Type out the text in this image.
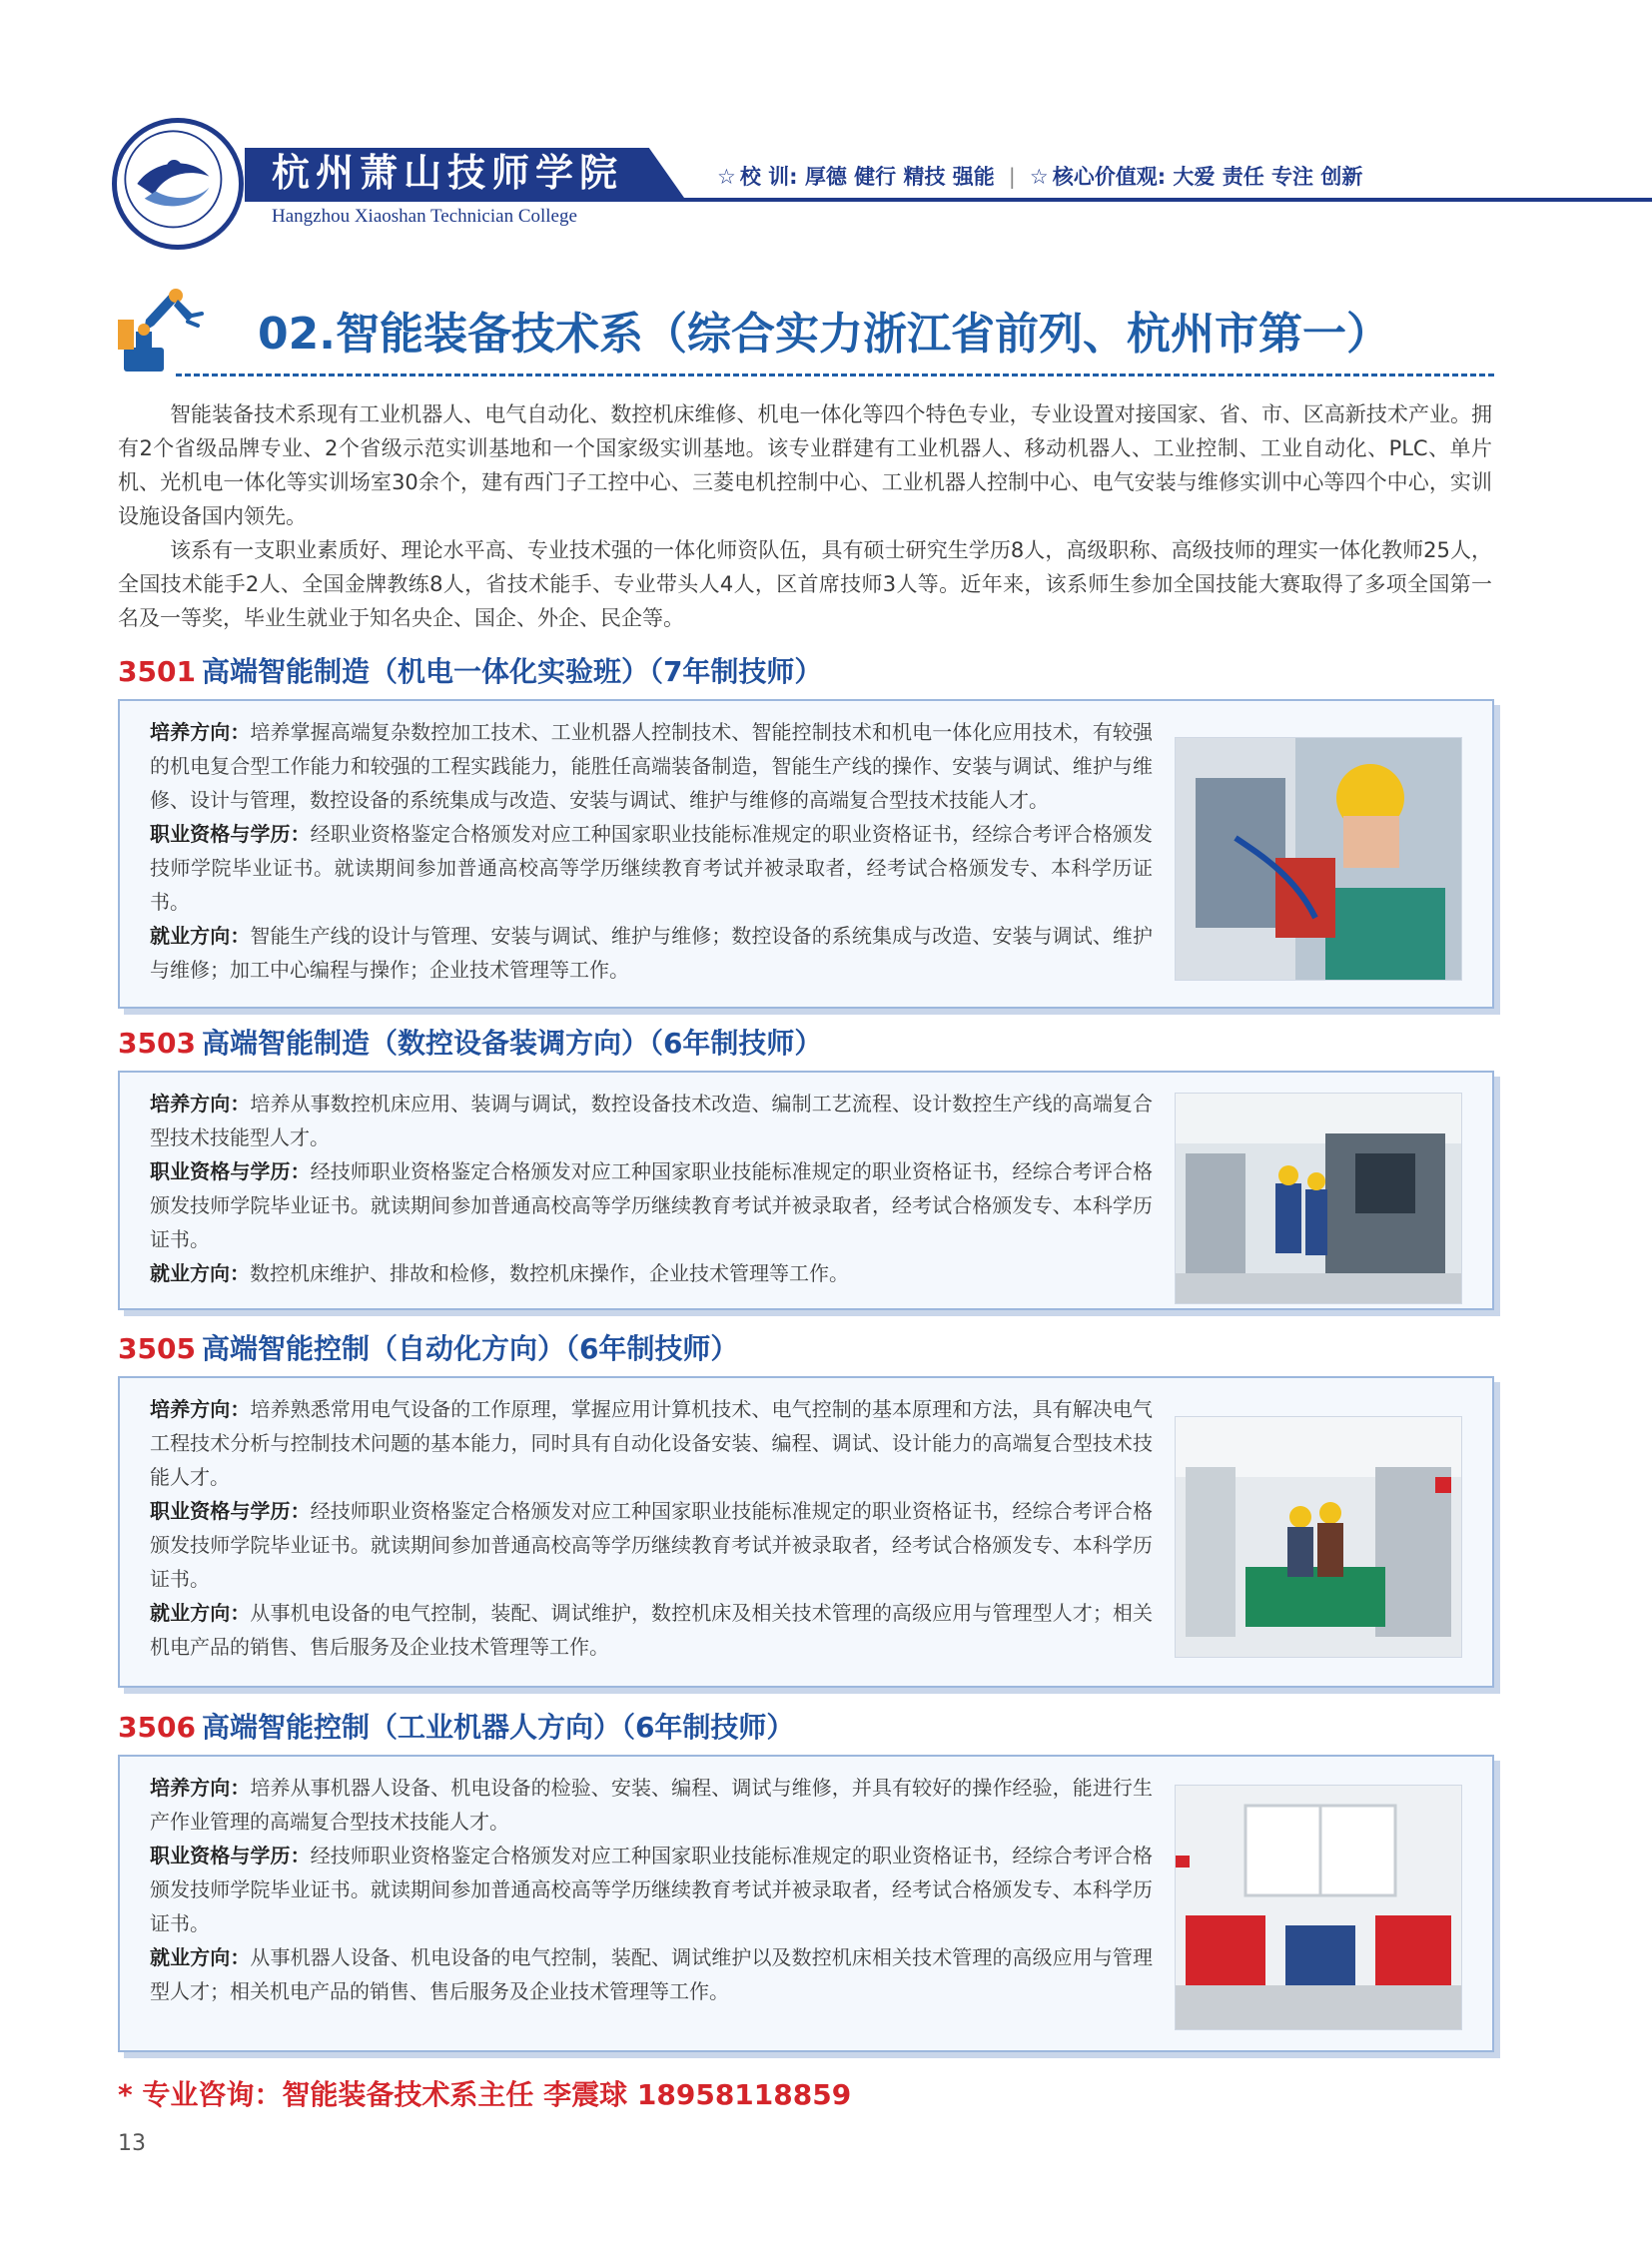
杭州萧山技师学院
Hangzhou Xiaoshan Technician College
☆ 校 训: 厚德 健行 精技 强能 | ☆ 核心价值观: 大爱 责任 专注 创新
02.智能装备技术系（综合实力浙江省前列、杭州市第一）

智能装备技术系现有工业机器人、电气自动化、数控机床维修、机电一体化等四个特色专业，专业设置对接国家、省、市、区高新技术产业。拥有2个省级品牌专业、2个省级示范实训基地和一个国家级实训基地。该专业群建有工业机器人、移动机器人、工业控制、工业自动化、PLC、单片机、光机电一体化等实训场室30余个，建有西门子工控中心、三菱电机控制中心、工业机器人控制中心、电气安装与维修实训中心等四个中心，实训设施设备国内领先。

该系有一支职业素质好、理论水平高、专业技术强的一体化师资队伍，具有硕士研究生学历8人，高级职称、高级技师的理实一体化教师25人，全国技术能手2人、全国金牌教练8人，省技术能手、专业带头人4人，区首席技师3人等。近年来，该系师生参加全国技能大赛取得了多项全国第一名及一等奖，毕业生就业于知名央企、国企、外企、民企等。

3501 高端智能制造（机电一体化实验班）（7年制技师）

培养方向：培养掌握高端复杂数控加工技术、工业机器人控制技术、智能控制技术和机电一体化应用技术，有较强的机电复合型工作能力和较强的工程实践能力，能胜任高端装备制造，智能生产线的操作、安装与调试、维护与维修、设计与管理，数控设备的系统集成与改造、安装与调试、维护与维修的高端复合型技术技能人才。

职业资格与学历：经职业资格鉴定合格颁发对应工种国家职业技能标准规定的职业资格证书，经综合考评合格颁发技师学院毕业证书。就读期间参加普通高校高等学历继续教育考试并被录取者，经考试合格颁发专、本科学历证书。

就业方向：智能生产线的设计与管理、安装与调试、维护与维修；数控设备的系统集成与改造、安装与调试、维护与维修；加工中心编程与操作；企业技术管理等工作。

3503 高端智能制造（数控设备装调方向）（6年制技师）

培养方向：培养从事数控机床应用、装调与调试，数控设备技术改造、编制工艺流程、设计数控生产线的高端复合型技术技能型人才。

职业资格与学历：经技师职业资格鉴定合格颁发对应工种国家职业技能标准规定的职业资格证书，经综合考评合格颁发技师学院毕业证书。就读期间参加普通高校高等学历继续教育考试并被录取者，经考试合格颁发专、本科学历证书。

就业方向：数控机床维护、排故和检修，数控机床操作，企业技术管理等工作。

3505 高端智能控制（自动化方向）（6年制技师）

培养方向：培养熟悉常用电气设备的工作原理，掌握应用计算机技术、电气控制的基本原理和方法，具有解决电气工程技术分析与控制技术问题的基本能力，同时具有自动化设备安装、编程、调试、设计能力的高端复合型技术技能人才。

职业资格与学历：经技师职业资格鉴定合格颁发对应工种国家职业技能标准规定的职业资格证书，经综合考评合格颁发技师学院毕业证书。就读期间参加普通高校高等学历继续教育考试并被录取者，经考试合格颁发专、本科学历证书。

就业方向：从事机电设备的电气控制，装配、调试维护，数控机床及相关技术管理的高级应用与管理型人才；相关机电产品的销售、售后服务及企业技术管理等工作。

3506 高端智能控制（工业机器人方向）（6年制技师）

培养方向：培养从事机器人设备、机电设备的检验、安装、编程、调试与维修，并具有较好的操作经验，能进行生产作业管理的高端复合型技术技能人才。

职业资格与学历：经技师职业资格鉴定合格颁发对应工种国家职业技能标准规定的职业资格证书，经综合考评合格颁发技师学院毕业证书。就读期间参加普通高校高等学历继续教育考试并被录取者，经考试合格颁发专、本科学历证书。

就业方向：从事机器人设备、机电设备的电气控制，装配、调试维护以及数控机床相关技术管理的高级应用与管理型人才；相关机电产品的销售、售后服务及企业技术管理等工作。

* 专业咨询：智能装备技术系主任 李震球 18958118859
13
